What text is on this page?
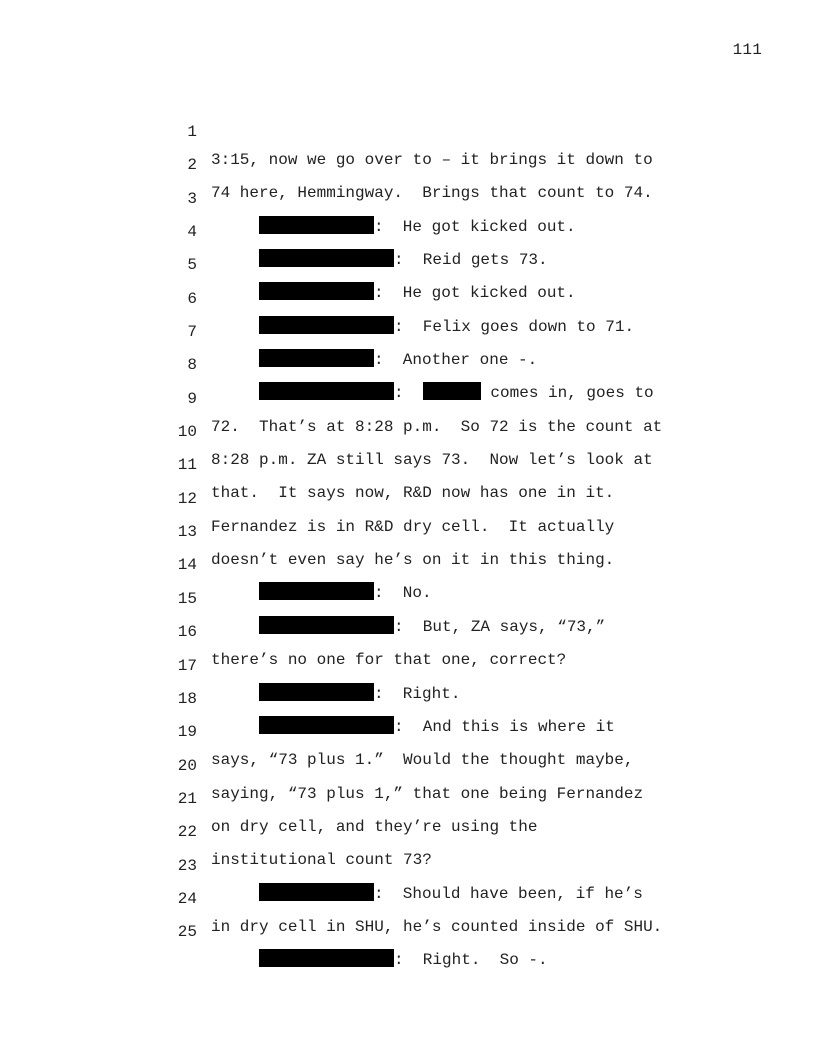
111

1

3:15, now we go over to – it brings it down to

2

74 here, Hemmingway.  Brings that count to 74.

3

:  He got kicked out.

4

:  Reid gets 73.

5

:  He got kicked out.

6

:  Felix goes down to 71.

7

:  Another one -.

8

:	comes in, goes to

9

72.  That’s at 8:28 p.m.  So 72 is the count at

10

8:28 p.m. ZA still says 73.  Now let’s look at

11

that.  It says now, R&D now has one in it.

12

Fernandez is in R&D dry cell.  It actually

13

doesn’t even say he’s on it in this thing.

14

:  No.

15

:  But, ZA says, “73,”

16

there’s no one for that one, correct?

17

:  Right.

18

:  And this is where it

19

says, “73 plus 1.”  Would the thought maybe,

20

saying, “73 plus 1,” that one being Fernandez

21

on dry cell, and they’re using the

22

institutional count 73?

23

:  Should have been, if he’s

24

in dry cell in SHU, he’s counted inside of SHU.

25

:  Right.  So -.
